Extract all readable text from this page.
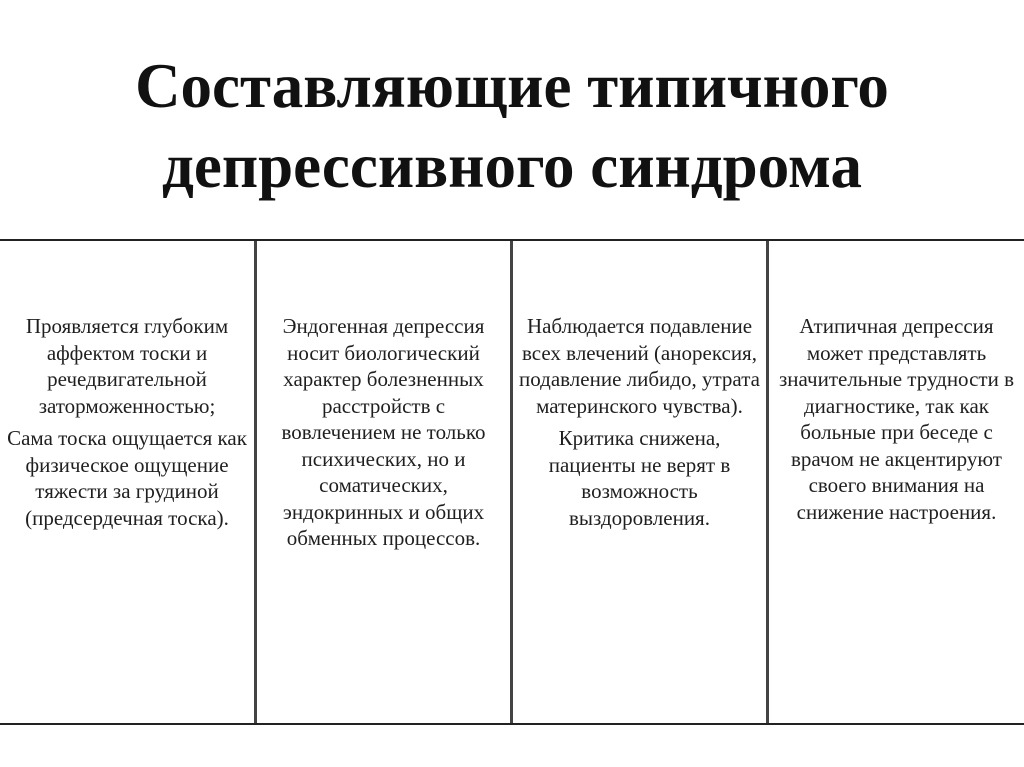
Составляющие типичного
депрессивного синдрома

Проявляется глубоким аффектом тоски и речедвигательной заторможенностью;

Сама тоска ощущается как физическое ощущение тяжести за грудиной (предсердечная тоска).

Эндогенная депрессия носит биологический характер болезненных расстройств с вовлечением не только психических, но и соматических, эндокринных и общих обменных процессов.

Наблюдается подавление всех влечений (анорексия, подавление либидо, утрата материнского чувства).

Критика снижена, пациенты не верят в возможность выздоровления.

Атипичная депрессия может представлять значительные трудности в диагностике, так как больные при беседе с врачом не акцентируют своего внимания на снижение настроения.
